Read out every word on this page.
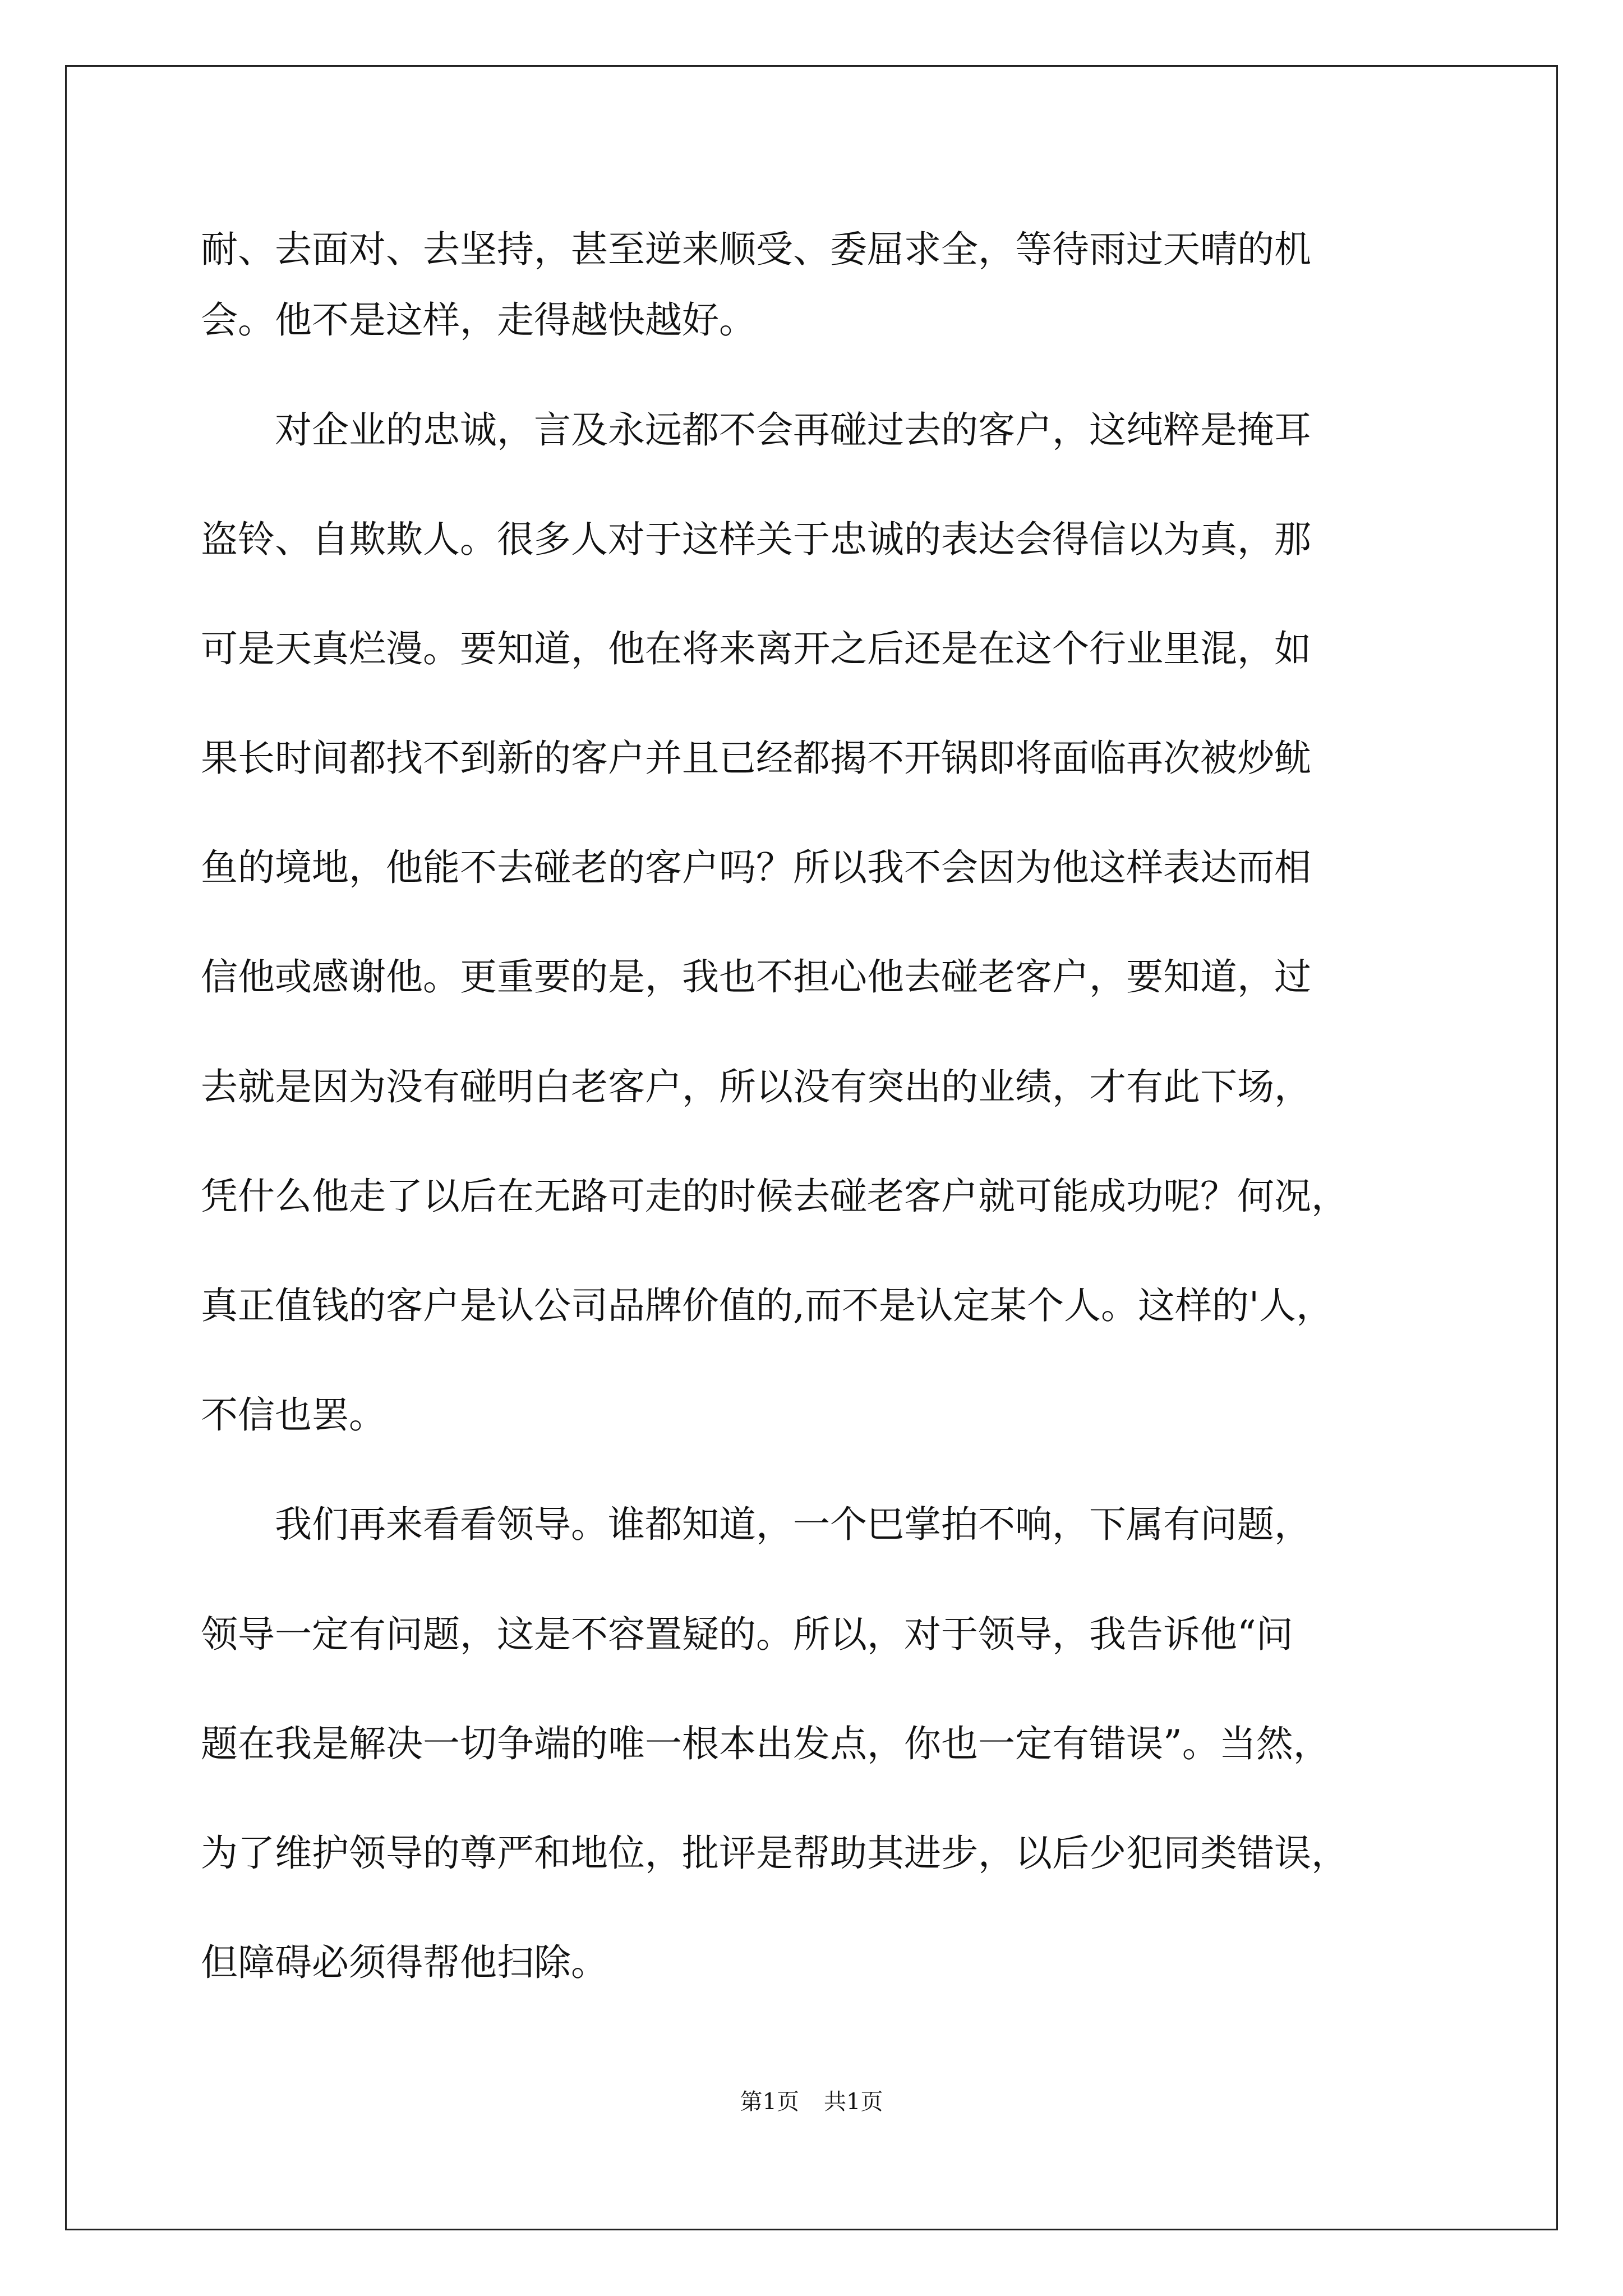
耐、去面对、去坚持，甚至逆来顺受、委屈求全，等待雨过天晴的机
会。他不是这样，走得越快越好。
　　对企业的忠诚，言及永远都不会再碰过去的客户，这纯粹是掩耳
盗铃、自欺欺人。很多人对于这样关于忠诚的表达会得信以为真，那
可是天真烂漫。要知道，他在将来离开之后还是在这个行业里混，如
果长时间都找不到新的客户并且已经都揭不开锅即将面临再次被炒鱿
鱼的境地，他能不去碰老的客户吗？所以我不会因为他这样表达而相
信他或感谢他。更重要的是，我也不担心他去碰老客户，要知道，过
去就是因为没有碰明白老客户，所以没有突出的业绩，才有此下场，
凭什么他走了以后在无路可走的时候去碰老客户就可能成功呢？何况，
真正值钱的客户是认公司品牌价值的,而不是认定某个人。这样的'人，
不信也罢。
　　我们再来看看领导。谁都知道，一个巴掌拍不响，下属有问题，
领导一定有问题，这是不容置疑的。所以，对于领导，我告诉他“问
题在我是解决一切争端的唯一根本出发点，你也一定有错误”。当然，
为了维护领导的尊严和地位，批评是帮助其进步，以后少犯同类错误，
但障碍必须得帮他扫除。
第1页 共1页
